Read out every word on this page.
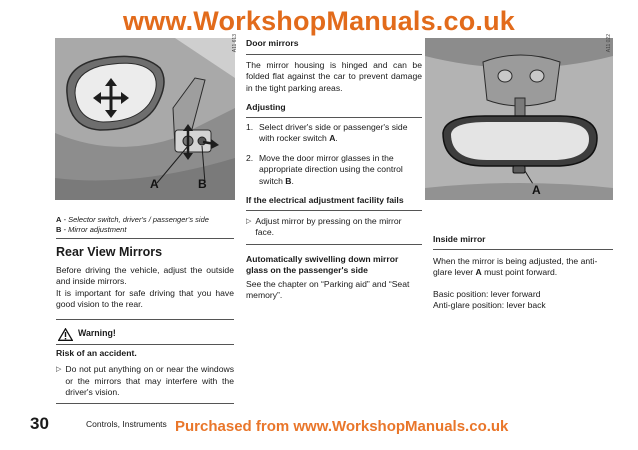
www.WorkshopManuals.co.uk
A	B
A11 613
A
A11 022
A - Selector switch, driver's / passenger's side
B - Mirror adjustment
Rear View Mirrors

Before driving the vehicle, adjust the outside and inside mirrors.

It is important for safe driving that you have good vision to the rear.

Warning!

Risk of an accident.

▷ Do not put anything on or near the windows or the mirrors that may interfere with the driver's vision.
Door mirrors

The mirror housing is hinged and can be folded flat against the car to prevent damage in the tight parking areas.

Adjusting
1. Select driver's side or passenger's side with rocker switch A.
2. Move the door mirror glasses in the appropriate direction using the control switch B.
If the electrical adjustment facility fails
▷ Adjust mirror by pressing on the mirror face.
Automatically swivelling down mirror glass on the passenger's side

See the chapter on “Parking aid” and “Seat memory”.

Inside mirror

When the mirror is being adjusted, the anti-glare lever A must point forward.

Basic position: lever forward

Anti-glare position: lever back

30	Controls, Instruments Purchased from www.WorkshopManuals.co.uk
